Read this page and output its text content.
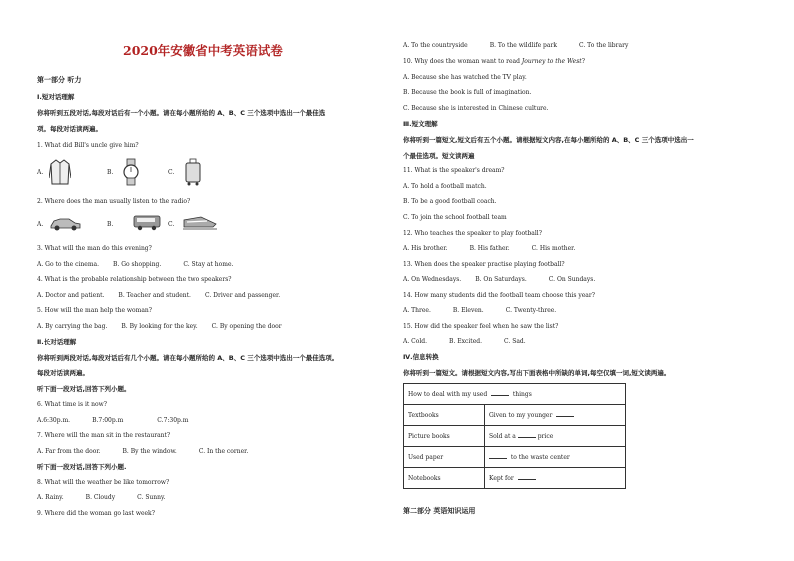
2020年安徽省中考英语试卷
第一部分 听力
Ⅰ.短对话理解
你将听到五段对话,每段对话后有一个小题。请在每小题所给的 A、B、C 三个选项中选出一个最佳选
项。每段对话读两遍。
1. What did Bill's uncle give him?
A.	B.	C.
2. Where does the man usually listen to the radio?
A.	B.	C.
3. What will the man do this evening?
A. Go to the cinema. B. Go shopping.	C. Stay at home.
4. What is the probable relationship between the two speakers?
A. Doctor and patient. B. Teacher and student. C. Driver and passenger.
5. How will the man help the woman?
A. By carrying the bag. B. By looking for the key. C. By opening the door
Ⅱ.长对话理解
你将听到两段对话,每段对话后有几个小题。请在每小题所给的 A、B、C 三个选项中选出一个最佳选项。
每段对话读两遍。
听下面一段对话,回答下列小题。
6. What time is it now?
A.6:30p.m.	B.7:00p.m	C.7:30p.m
7. Where will the man sit in the restaurant?
A. Far from the door.	B. By the window.	C. In the corner.
听下面一段对话,回答下列小题.
8. What will the weather be like tomorrow?
A. Rainy.	B. Cloudy	C. Sunny.
9. Where did the woman go last week?
A. To the countryside	B. To the wildlife park	C. To the library
10. Why does the woman want to read Journey to the West?
A. Because she has watched the TV play.
B. Because the book is full of imagination.
C. Because she is interested in Chinese culture.
Ⅲ.短文理解
你将听到一篇短文,短文后有五个小题。请根据短文内容,在每小题所给的 A、B、C 三个选项中选出一
个最佳选项。短文读两遍
11. What is the speaker's dream?
A. To hold a football match.
B. To be a good football coach.
C. To join the school football team
12. Who teaches the speaker to play football?
A. His brother.	B. His father.	C. His mother.
13. When does the speaker practise playing football?
A. On Wednesdays. B. On Saturdays.	C. On Sundays.
14. How many students did the football team choose this year?
A. Three.	B. Eleven.	C. Twenty-three.
15. How did the speaker feel when he saw the list?
A. Cold.	B. Excited.	C. Sad.
Ⅳ.信息转换
你将听到一篇短文。请根据短文内容,写出下面表格中所缺的单词,每空仅填一词,短文读两遍。
How to deal with my used things	
Textbooks	Given to my younger
Picture books	Sold at a price
Used paper	to the waste center
Notebooks	Kept for
第二部分 英语知识运用
